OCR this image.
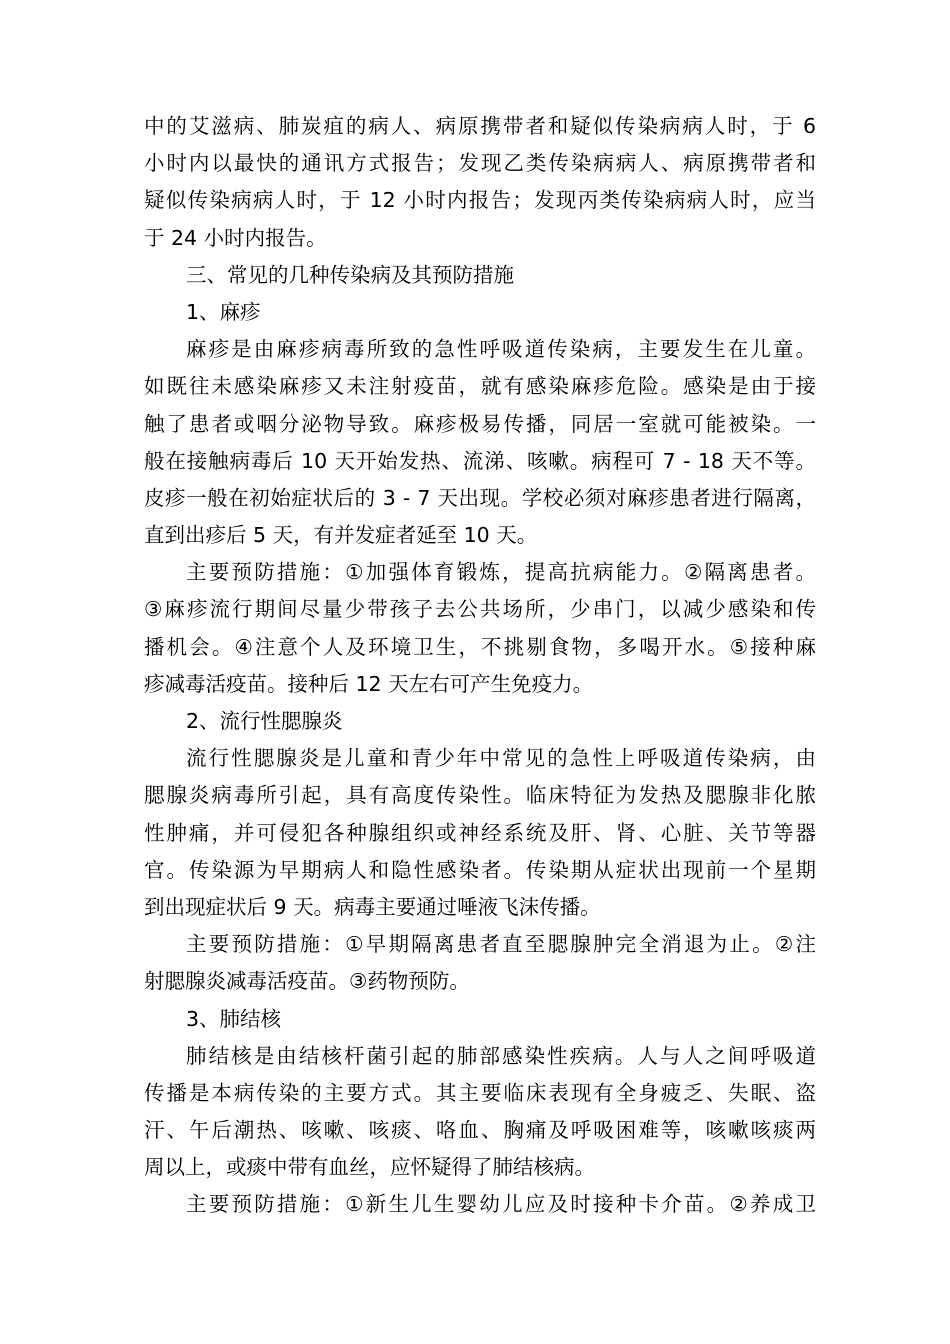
中的艾滋病、肺炭疽的病人、病原携带者和疑似传染病病人时，于 6
小时内以最快的通讯方式报告；发现乙类传染病病人、病原携带者和
疑似传染病病人时，于 12 小时内报告；发现丙类传染病病人时，应当
于 24 小时内报告。
三、常见的几种传染病及其预防措施
1、麻疹
麻疹是由麻疹病毒所致的急性呼吸道传染病，主要发生在儿童。
如既往未感染麻疹又未注射疫苗，就有感染麻疹危险。感染是由于接
触了患者或咽分泌物导致。麻疹极易传播，同居一室就可能被染。一
般在接触病毒后 10 天开始发热、流涕、咳嗽。病程可 7 - 18 天不等。
皮疹一般在初始症状后的 3 - 7 天出现。学校必须对麻疹患者进行隔离，
直到出疹后 5 天，有并发症者延至 10 天。
主要预防措施：①加强体育锻炼，提高抗病能力。②隔离患者。
③麻疹流行期间尽量少带孩子去公共场所，少串门，以减少感染和传
播机会。④注意个人及环境卫生，不挑剔食物，多喝开水。⑤接种麻
疹减毒活疫苗。接种后 12 天左右可产生免疫力。
2、流行性腮腺炎
流行性腮腺炎是儿童和青少年中常见的急性上呼吸道传染病，由
腮腺炎病毒所引起，具有高度传染性。临床特征为发热及腮腺非化脓
性肿痛，并可侵犯各种腺组织或神经系统及肝、肾、心脏、关节等器
官。传染源为早期病人和隐性感染者。传染期从症状出现前一个星期
到出现症状后 9 天。病毒主要通过唾液飞沫传播。
主要预防措施：①早期隔离患者直至腮腺肿完全消退为止。②注
射腮腺炎减毒活疫苗。③药物预防。
3、肺结核
肺结核是由结核杆菌引起的肺部感染性疾病。人与人之间呼吸道
传播是本病传染的主要方式。其主要临床表现有全身疲乏、失眠、盗
汗、午后潮热、咳嗽、咳痰、咯血、胸痛及呼吸困难等，咳嗽咳痰两
周以上，或痰中带有血丝，应怀疑得了肺结核病。
主要预防措施：①新生儿生婴幼儿应及时接种卡介苗。②养成卫
